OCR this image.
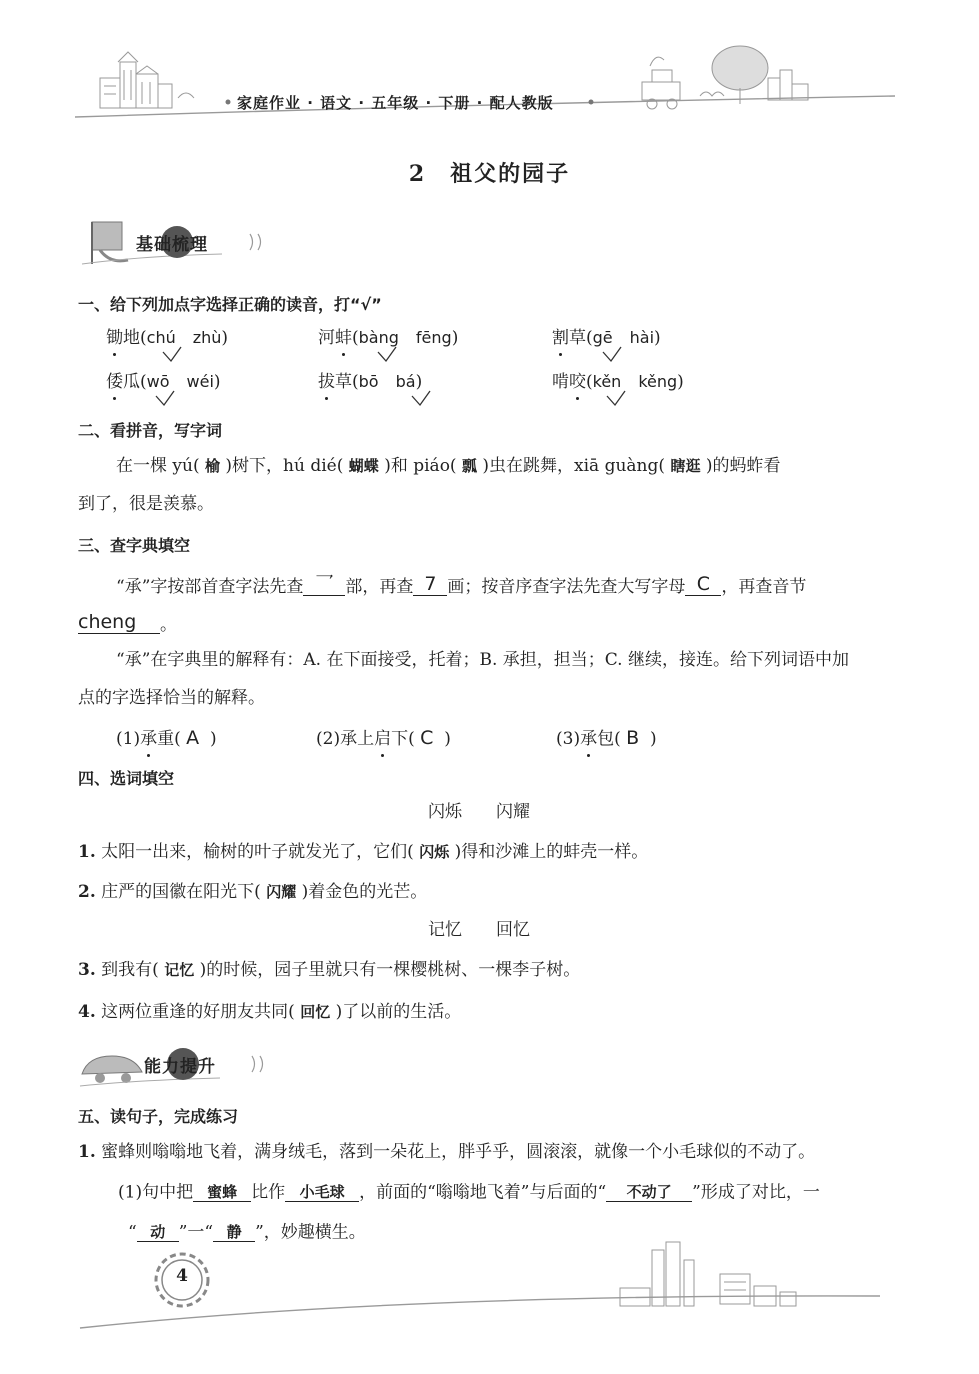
家庭作业 · 语文 · 五年级 · 下册 · 配人教版
2　祖父的园子
基础梳理
一、给下列加点字选择正确的读音，打“√”
锄地(chú　 zhù)	河蚌(bàng　 fēng)	割草(gē　 hài)
倭瓜(wō　 wéi)	拔草(bō　 bá)	啃咬(kěn　 kěng)
二、看拼音，写字词
在一棵 yú( 榆 )树下，hú dié( 蝴蝶 )和 piáo( 瓢 )虫在跳舞，xiā guàng( 瞎逛 )的蚂蚱看
到了，很是羡慕。
三、查字典填空
“承”字按部首查字法先查 乛 部，再查 7 画；按音序查字法先查大写字母 C ，再查音节
cheng 。
“承”在字典里的解释有：A. 在下面接受，托着；B. 承担，担当；C. 继续，接连。给下列词语中加
点的字选择恰当的解释。
(1)承重( A )	(2)承上启下( C )	(3)承包( B )
四、选词填空
闪烁　　 闪耀
1. 太阳一出来，榆树的叶子就发光了，它们( 闪烁 )得和沙滩上的蚌壳一样。
2. 庄严的国徽在阳光下( 闪耀 )着金色的光芒。
记忆　　 回忆
3. 到我有( 记忆 )的时候，园子里就只有一棵樱桃树、一棵李子树。
4. 这两位重逢的好朋友共同( 回忆 )了以前的生活。
能力提升
五、读句子，完成练习
1. 蜜蜂则嗡嗡地飞着，满身绒毛，落到一朵花上，胖乎乎，圆滚滚，就像一个小毛球似的不动了。
(1)句中把 蜜蜂 比作 小毛球 ，前面的“嗡嗡地飞着”与后面的“ 不动了 ”形成了对比，一
“ 动 ”一“ 静 ”，妙趣横生。
4
